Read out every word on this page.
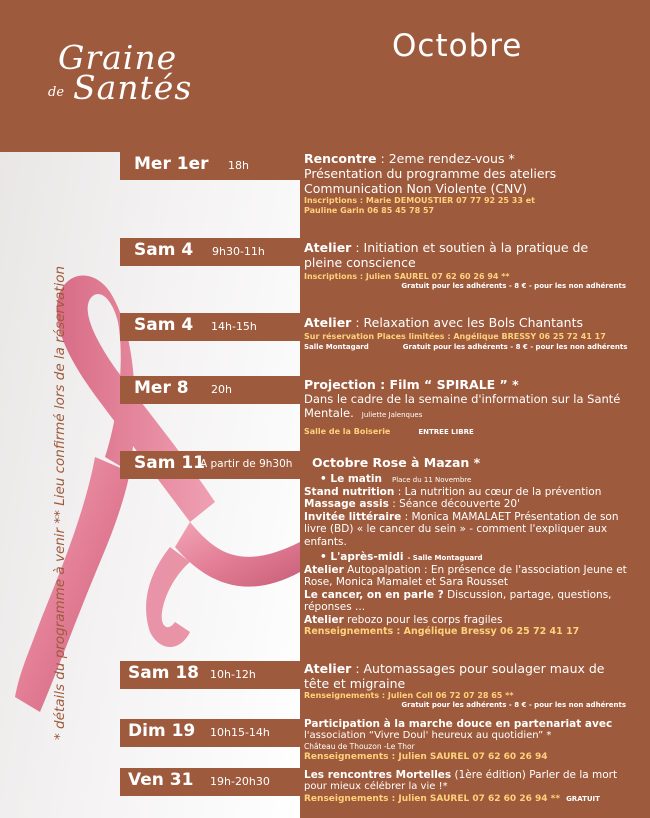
Graine
de Santés
Octobre
* détails du programme à venir ** Lieu confirmé lors de la réservation
Mer 1er 18h
Sam 4 9h30-11h
Sam 4 14h-15h
Mer 8 20h
Sam 11
A partir de 9h30h
Sam 18 10h-12h
Dim 19 10h15-14h
Ven 31 19h-20h30

Rencontre : 2eme rendez-vous *

Présentation du programme des ateliers

Communication Non Violente (CNV)

Inscriptions : Marie DEMOUSTIER 07 77 92 25 33 et

Pauline Garin 06 85 45 78 57

Atelier : Initiation et soutien à la pratique de

pleine conscience

Inscriptions : Julien SAUREL 07 62 60 26 94 **

Gratuit pour les adhérents - 8 € - pour les non adhérents

Atelier : Relaxation avec les Bols Chantants

Sur réservation Places limitées : Angélique BRESSY 06 25 72 41 17

Salle Montagard	Gratuit pour les adhérents - 8 € - pour les non adhérents

Projection : Film “ SPIRALE ” *

Dans le cadre de la semaine d'information sur la Santé

Mentale. Juliette Jalenques

Salle de la Boiserie	ENTREE LIBRE

Octobre Rose à Mazan *

• Le matin Place du 11 Novembre

Stand nutrition : La nutrition au cœur de la prévention

Massage assis : Séance découverte 20'

Invitée littéraire : Monica MAMALAET Présentation de son livre (BD) « le cancer du sein » - comment l'expliquer aux enfants.

• L'après-midi - Salle Montaguard

Atelier Autopalpation : En présence de l'association Jeune et Rose, Monica Mamalet et Sara Rousset

Le cancer, on en parle ? Discussion, partage, questions, réponses ...

Atelier rebozo pour les corps fragiles

Renseignements : Angélique Bressy 06 25 72 41 17

Atelier : Automassages pour soulager maux de

tête et migraine

Renseignements : Julien Coll 06 72 07 28 65 **

Gratuit pour les adhérents - 8 € - pour les non adhérents

Participation à la marche douce en partenariat avec

l'association “Vivre Doul' heureux au quotidien” *

Château de Thouzon -Le Thor

Renseignements : Julien SAUREL 07 62 60 26 94

Les rencontres Mortelles (1ère édition) Parler de la mort

pour mieux célébrer la vie !*

Renseignements : Julien SAUREL 07 62 60 26 94 ** GRATUIT
